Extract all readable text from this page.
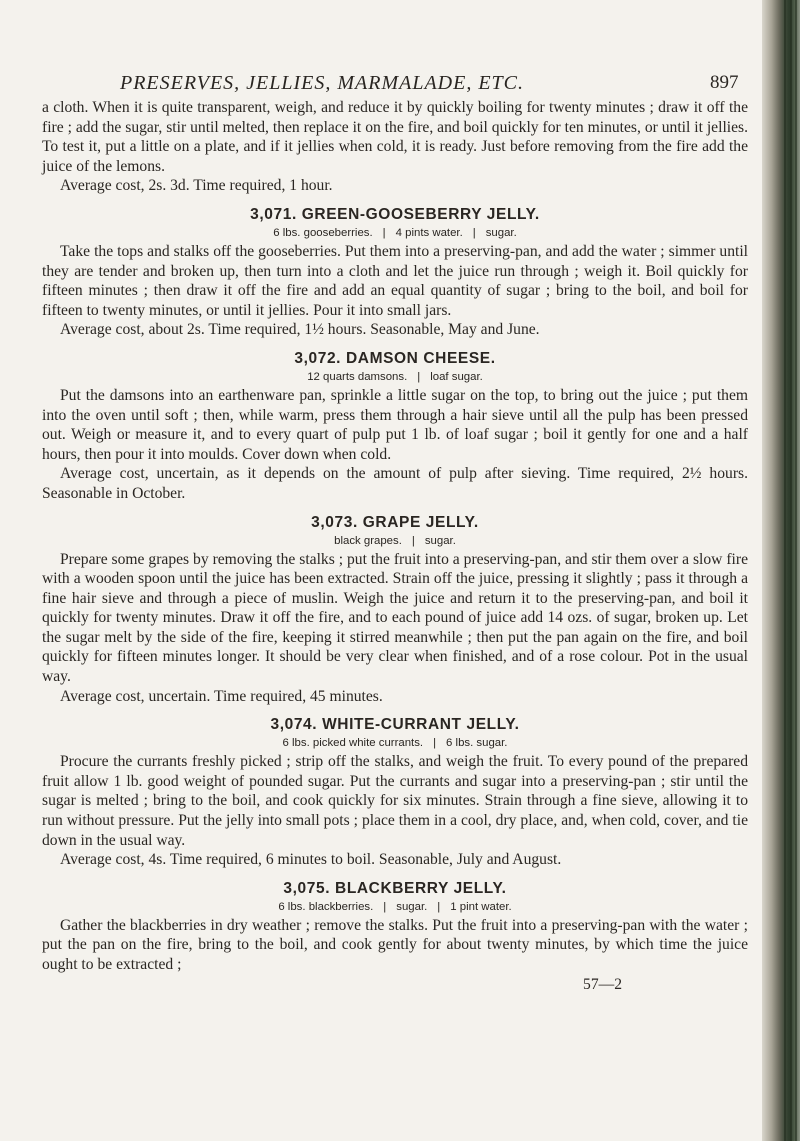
PRESERVES, JELLIES, MARMALADE, ETC.	897

a cloth. When it is quite transparent, weigh, and reduce it by quickly boiling for twenty minutes ; draw it off the fire ; add the sugar, stir until melted, then replace it on the fire, and boil quickly for ten minutes, or until it jellies. To test it, put a little on a plate, and if it jellies when cold, it is ready. Just before removing from the fire add the juice of the lemons.

Average cost, 2s. 3d. Time required, 1 hour.

3,071. GREEN-GOOSEBERRY JELLY.
6 lbs. gooseberries. | 4 pints water. | sugar.

Take the tops and stalks off the gooseberries. Put them into a preserving-pan, and add the water ; simmer until they are tender and broken up, then turn into a cloth and let the juice run through ; weigh it. Boil quickly for fifteen minutes ; then draw it off the fire and add an equal quantity of sugar ; bring to the boil, and boil for fifteen to twenty minutes, or until it jellies. Pour it into small jars.

Average cost, about 2s. Time required, 1½ hours. Seasonable, May and June.

3,072. DAMSON CHEESE.
12 quarts damsons. | loaf sugar.

Put the damsons into an earthenware pan, sprinkle a little sugar on the top, to bring out the juice ; put them into the oven until soft ; then, while warm, press them through a hair sieve until all the pulp has been pressed out. Weigh or measure it, and to every quart of pulp put 1 lb. of loaf sugar ; boil it gently for one and a half hours, then pour it into moulds. Cover down when cold.

Average cost, uncertain, as it depends on the amount of pulp after sieving. Time required, 2½ hours. Seasonable in October.

3,073. GRAPE JELLY.
black grapes. | sugar.

Prepare some grapes by removing the stalks ; put the fruit into a preserving-pan, and stir them over a slow fire with a wooden spoon until the juice has been extracted. Strain off the juice, pressing it slightly ; pass it through a fine hair sieve and through a piece of muslin. Weigh the juice and return it to the preserving-pan, and boil it quickly for twenty minutes. Draw it off the fire, and to each pound of juice add 14 ozs. of sugar, broken up. Let the sugar melt by the side of the fire, keeping it stirred meanwhile ; then put the pan again on the fire, and boil quickly for fifteen minutes longer. It should be very clear when finished, and of a rose colour. Pot in the usual way.

Average cost, uncertain. Time required, 45 minutes.

3,074. WHITE-CURRANT JELLY.
6 lbs. picked white currants. | 6 lbs. sugar.

Procure the currants freshly picked ; strip off the stalks, and weigh the fruit. To every pound of the prepared fruit allow 1 lb. good weight of pounded sugar. Put the currants and sugar into a preserving-pan ; stir until the sugar is melted ; bring to the boil, and cook quickly for six minutes. Strain through a fine sieve, allowing it to run without pressure. Put the jelly into small pots ; place them in a cool, dry place, and, when cold, cover, and tie down in the usual way.

Average cost, 4s. Time required, 6 minutes to boil. Seasonable, July and August.

3,075. BLACKBERRY JELLY.
6 lbs. blackberries. | sugar. | 1 pint water.

Gather the blackberries in dry weather ; remove the stalks. Put the fruit into a preserving-pan with the water ; put the pan on the fire, bring to the boil, and cook gently for about twenty minutes, by which time the juice ought to be extracted ;

57—2
